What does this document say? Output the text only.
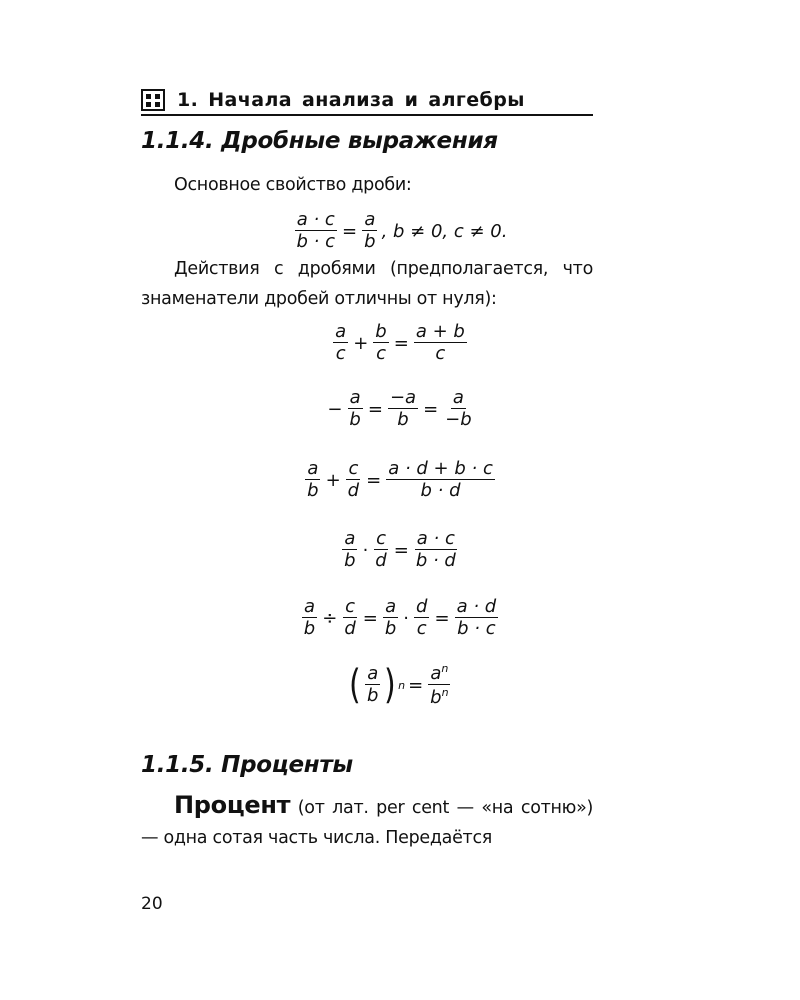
1. Начала анализа и алгебры
1.1.4. Дробные выражения
Основное свойство дроби:
$\frac{a \cdot c}{b \cdot c} = \frac{a}{b}$ , b ≠ 0, c ≠ 0.
Действия с дробями (предполагается, что знаменатели дробей отличны от нуля):
$\frac{a}{c} + \frac{b}{c} = \frac{a + b}{c}$
− $\frac{a}{b} = \frac{-a}{b} = \frac{a}{-b}$
$\frac{a}{b} + \frac{c}{d} = \frac{a \cdot d + b \cdot c}{b \cdot d}$
$\frac{a}{b} \cdot \frac{c}{d} = \frac{a \cdot c}{b \cdot d}$
$\frac{a}{b} \div \frac{c}{d} = \frac{a}{b} \cdot \frac{d}{c} = \frac{a \cdot d}{b \cdot c}$
( $\frac{a}{b}$ ) $n = \frac{a^n}{b^n}$
1.1.5. Проценты
Процент (от лат. per cent — «на сотню») — одна сотая часть числа. Передаётся
20
